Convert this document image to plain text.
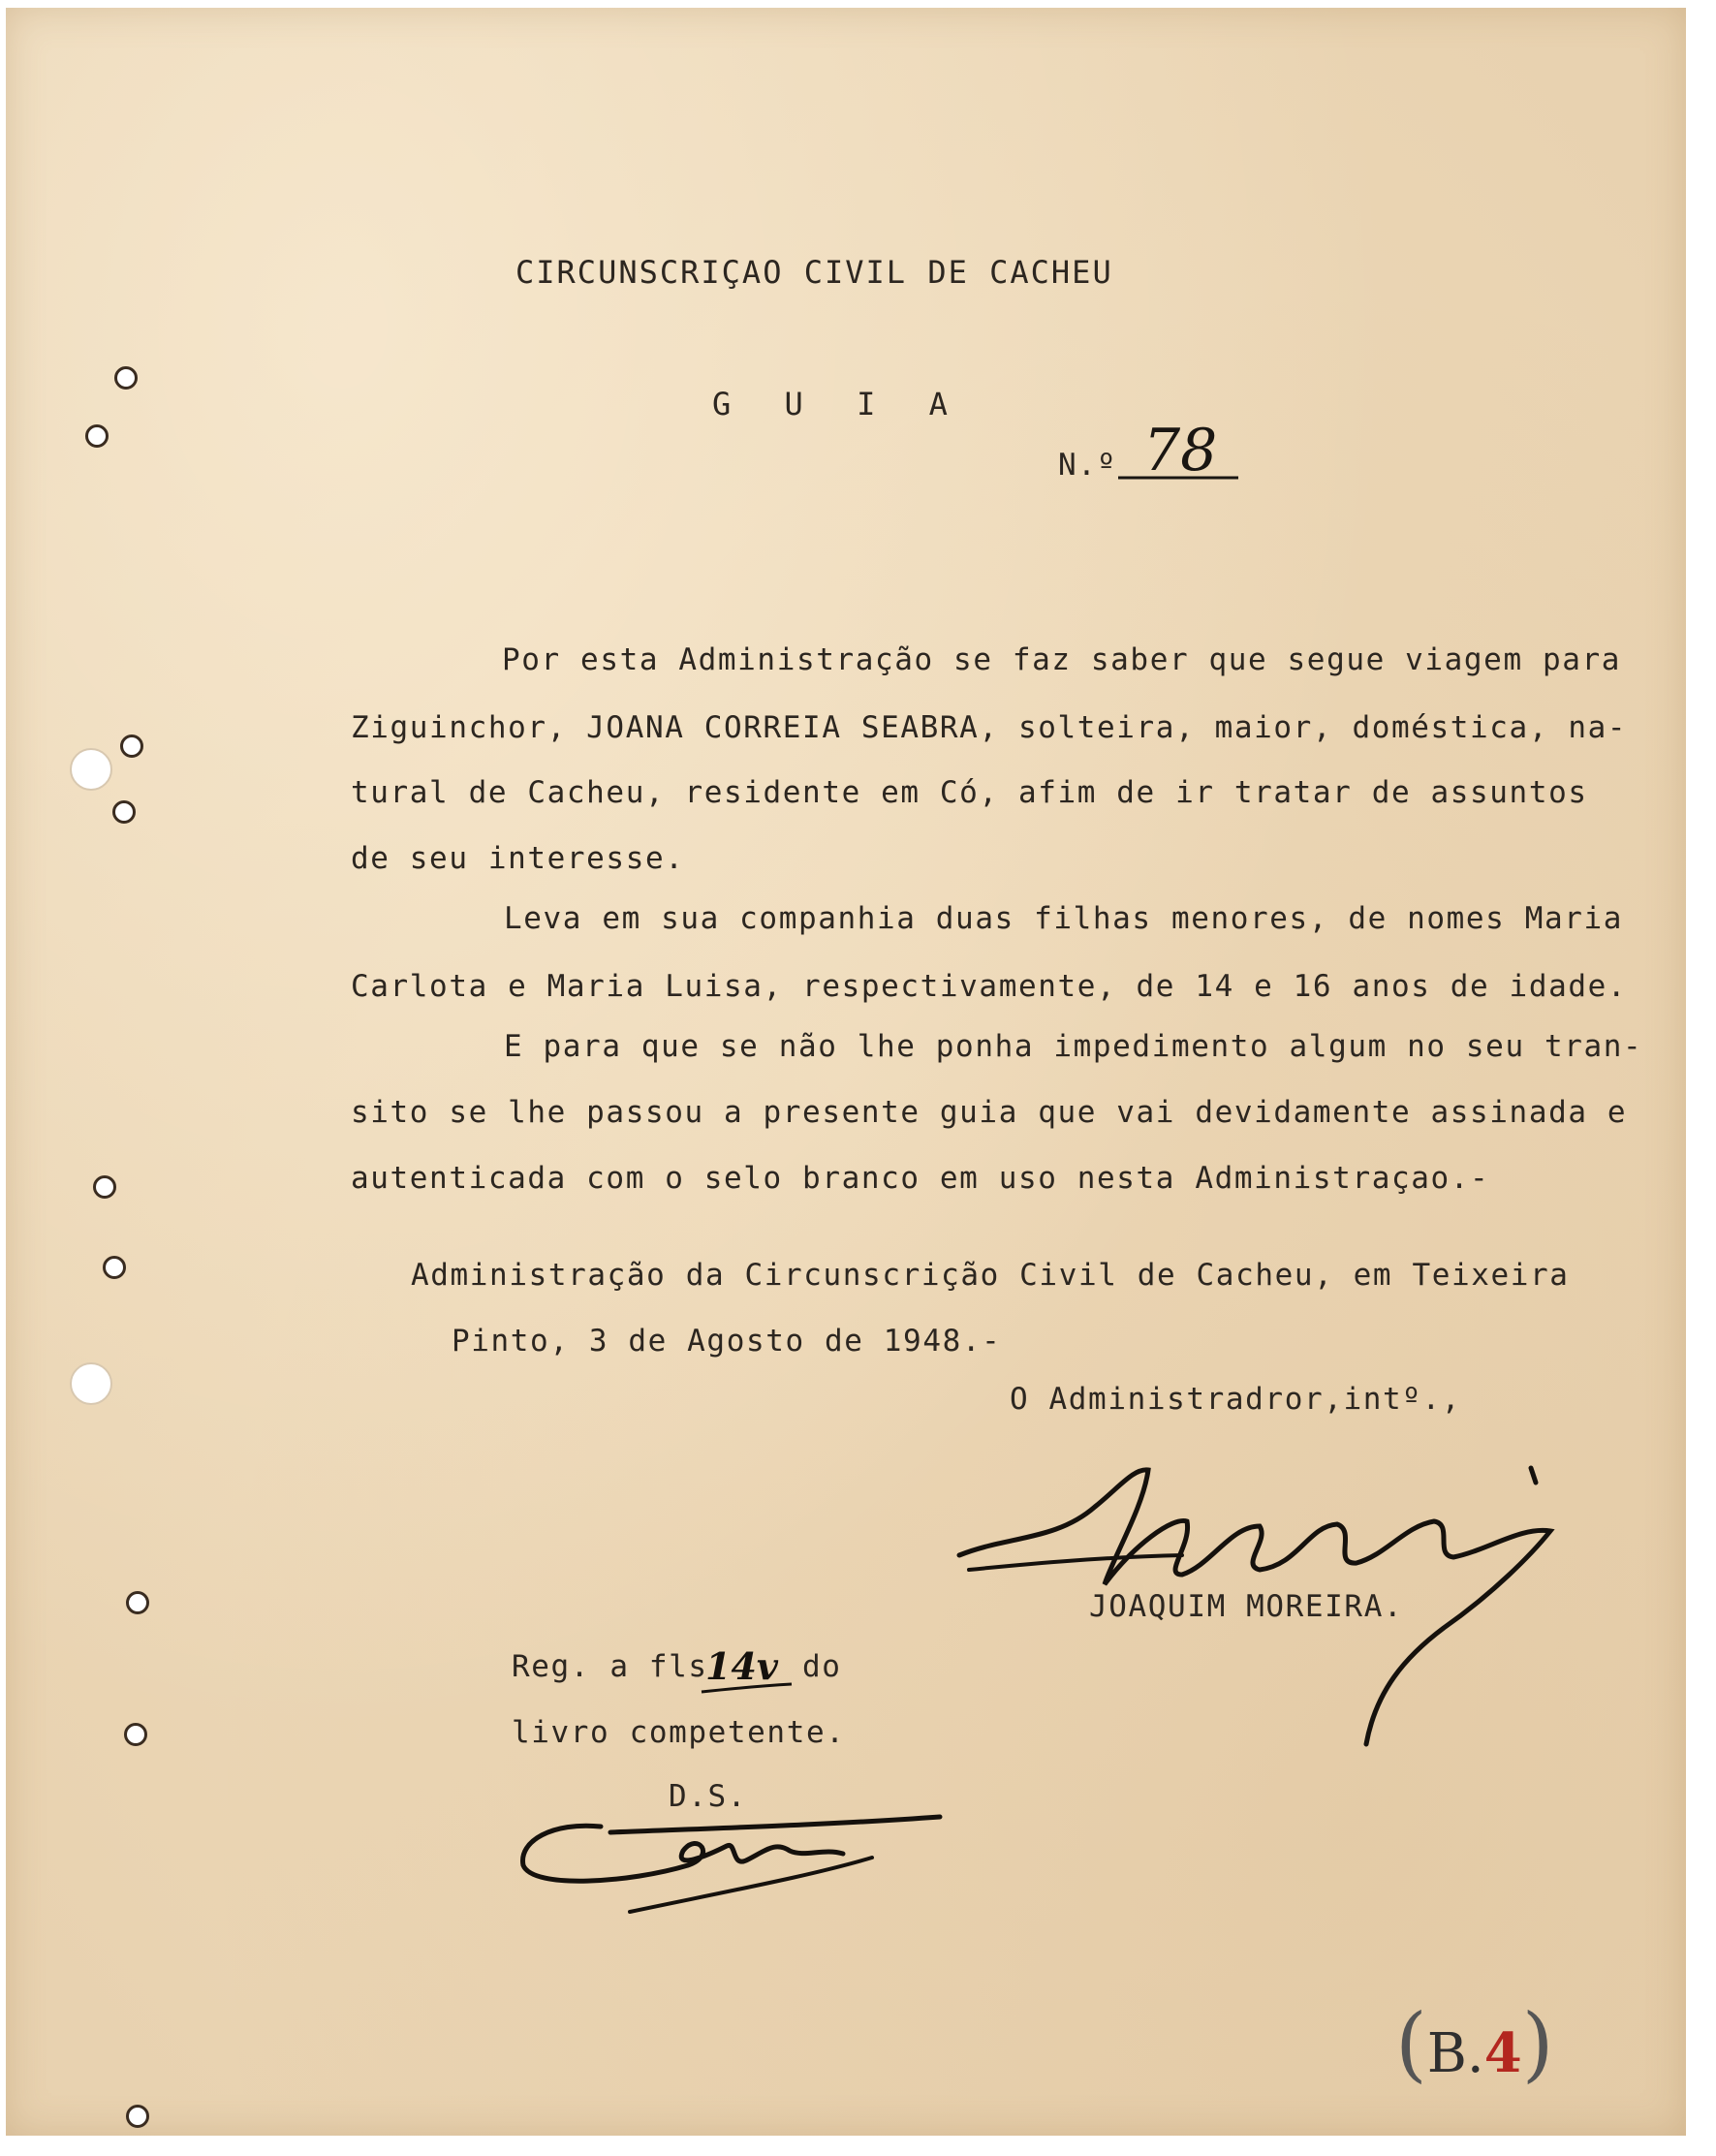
CIRCUNSCRIÇAO CIVIL DE CACHEU

G U I A

N.º 78

Por esta Administração se faz saber que segue viagem para

Ziguinchor, JOANA CORREIA SEABRA, solteira, maior, doméstica, na-

tural de Cacheu, residente em Có, afim de ir tratar de assuntos

de seu interesse.

Leva em sua companhia duas filhas menores, de nomes Maria

Carlota e Maria Luisa, respectivamente, de 14 e 16 anos de idade.

E para que se não lhe ponha impedimento algum no seu tran-

sito se lhe passou a presente guia que vai devidamente assinada e

autenticada com o selo branco em uso nesta Administraçao.-

Administração da Circunscrição Civil de Cacheu, em Teixeira

Pinto, 3 de Agosto de 1948.-

O Administradror,intº.,

JOAQUIM MOREIRA.

Reg. a fls

14v do

livro competente.

D.S.

(B.4)
